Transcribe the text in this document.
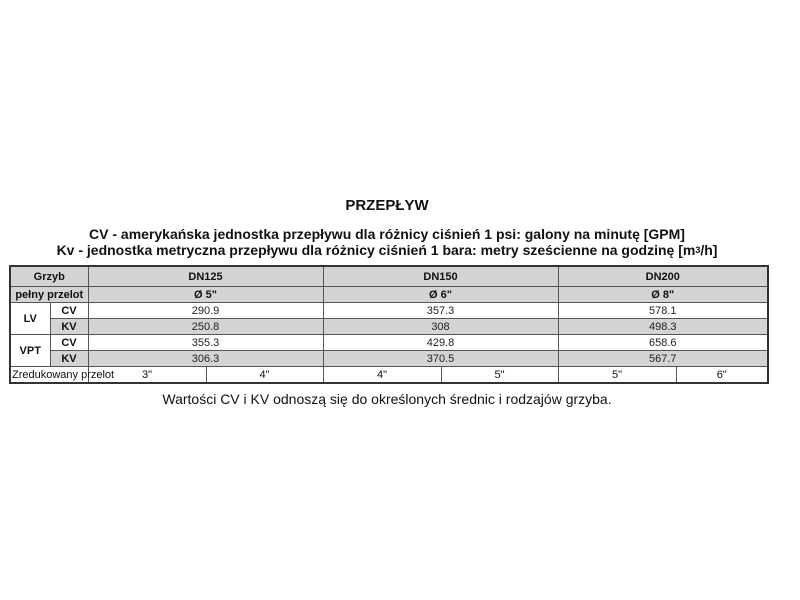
PRZEPŁYW
CV - amerykańska jednostka przepływu dla różnicy ciśnień 1 psi: galony na minutę [GPM]
Kv - jednostka metryczna przepływu dla różnicy ciśnień 1 bara: metry sześcienne na godzinę $[m^3/h]$
Grzyb		DN125		DN150		DN200	
pełny przelot		Ø 5"		Ø 6"		Ø 8"	
LV	CV	290.9		357.3		578.1	
	KV	250.8		308		498.3	
VPT	CV	355.3		429.8		658.6	
	KV	306.3		370.5		567.7	
Zredukowany przelot		3"	4"	4"	5"	5"	6"
Wartości CV i KV odnoszą się do określonych średnic i rodzajów grzyba.
